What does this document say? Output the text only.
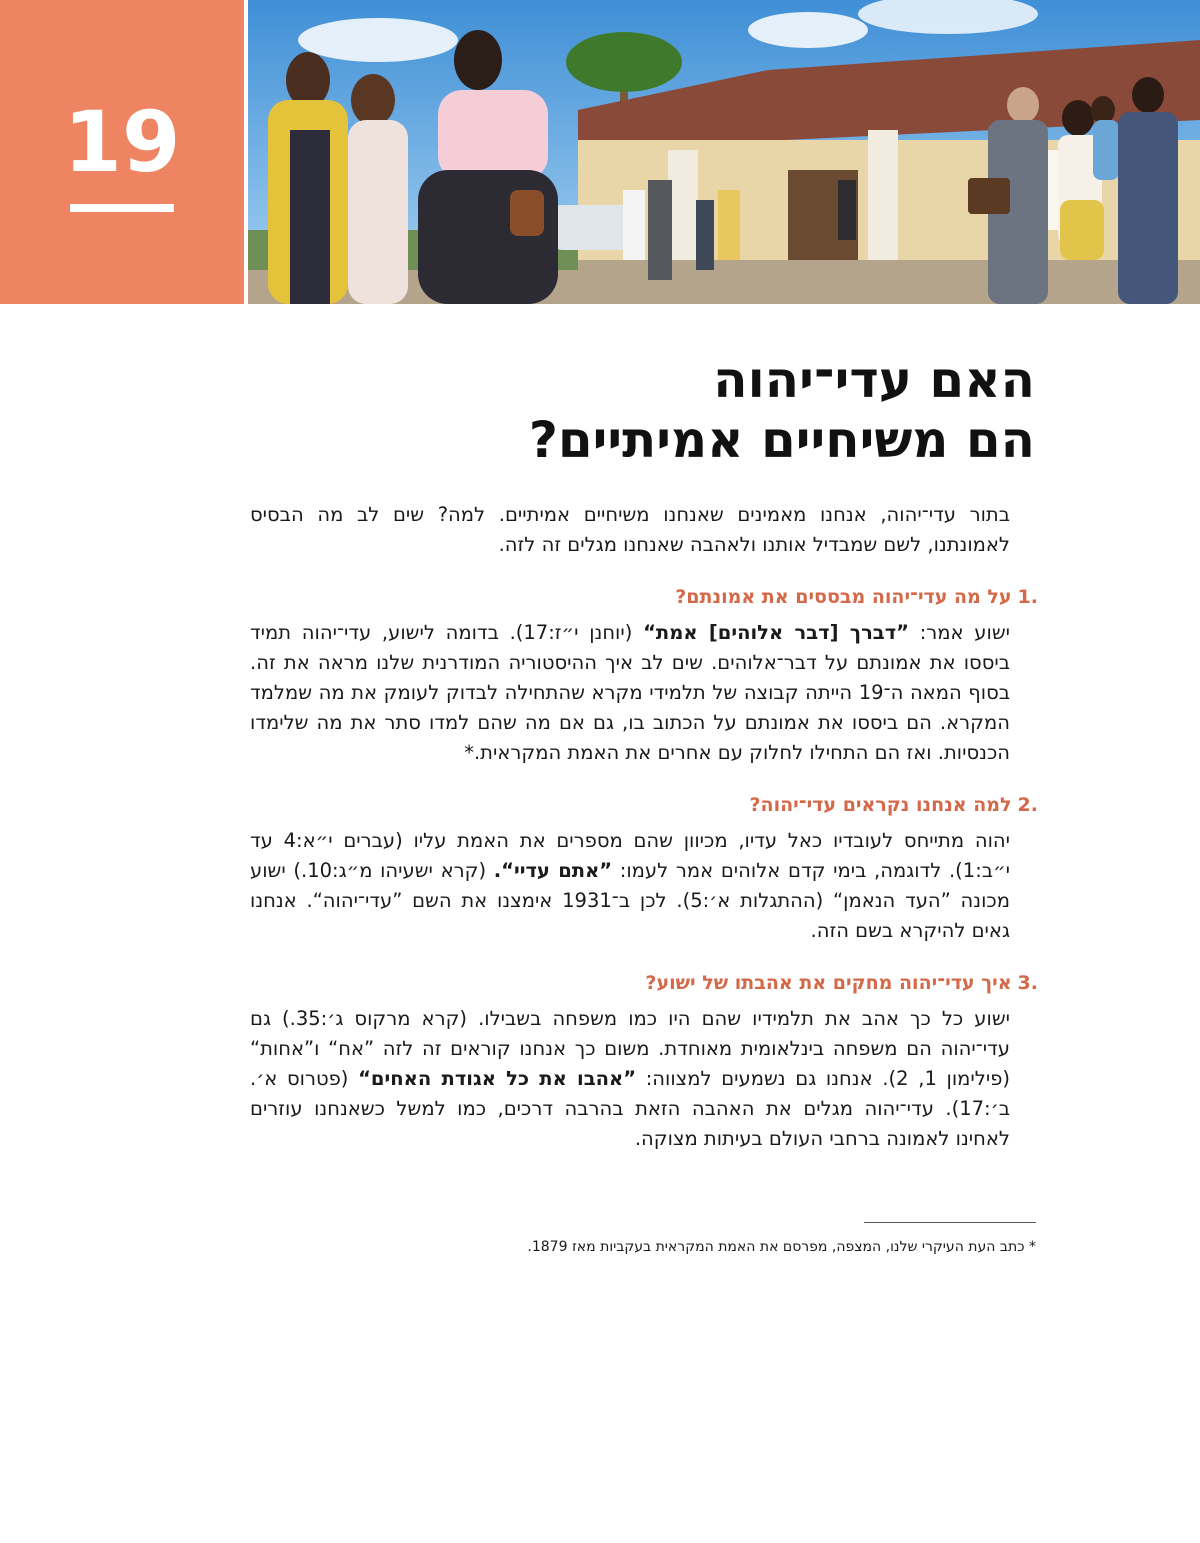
19
האם עדי־יהוה
הם משיחיים אמיתיים?

בתור עדי־יהוה, אנחנו מאמינים שאנחנו משיחיים אמיתיים. למה? שים לב מה הבסיס לאמונתנו, לשם שמבדיל אותנו ולאהבה שאנחנו מגלים זה לזה.

1.
על מה עדי־יהוה מבססים את אמונתם?

ישוע אמר: ”דברך [דבר אלוהים] אמת“ (יוחנן י״ז:17). בדומה לישוע, עדי־יהוה תמיד ביססו את אמונתם על דבר־אלוהים. שים לב איך ההיסטוריה המודרנית שלנו מראה את זה. בסוף המאה ה־19 הייתה קבוצה של תלמידי מקרא שהתחילה לבדוק לעומק את מה שמלמד המקרא. הם ביססו את אמונתם על הכתוב בו, גם אם מה שהם למדו סתר את מה שלימדו הכנסיות. ואז הם התחילו לחלוק עם אחרים את האמת המקראית.*

2.
למה אנחנו נקראים עדי־יהוה?

יהוה מתייחס לעובדיו כאל עדיו, מכיוון שהם מספרים את האמת עליו (עברים י״א:4 עד י״ב:1). לדוגמה, בימי קדם אלוהים אמר לעמו: ”אתם עדיי“. (קרא ישעיהו מ״ג:10.) ישוע מכונה ”העד הנאמן“ (ההתגלות א׳:5). לכן ב־1931 אימצנו את השם ”עדי־יהוה“. אנחנו גאים להיקרא בשם הזה.

3.
איך עדי־יהוה מחקים את אהבתו של ישוע?

ישוע כל כך אהב את תלמידיו שהם היו כמו משפחה בשבילו. (קרא מרקוס ג׳:35.) גם עדי־יהוה הם משפחה בינלאומית מאוחדת. משום כך אנחנו קוראים זה לזה ”אח“ ו”אחות“ (פילימון 1, 2). אנחנו גם נשמעים למצווה: ”אהבו את כל אגודת האחים“ (פטרוס א׳. ב׳:17). עדי־יהוה מגלים את האהבה הזאת בהרבה דרכים, כמו למשל כשאנחנו עוזרים לאחינו לאמונה ברחבי העולם בעיתות מצוקה.

* כתב העת העיקרי שלנו, המצפה, מפרסם את האמת המקראית בעקביות מאז 1879.
